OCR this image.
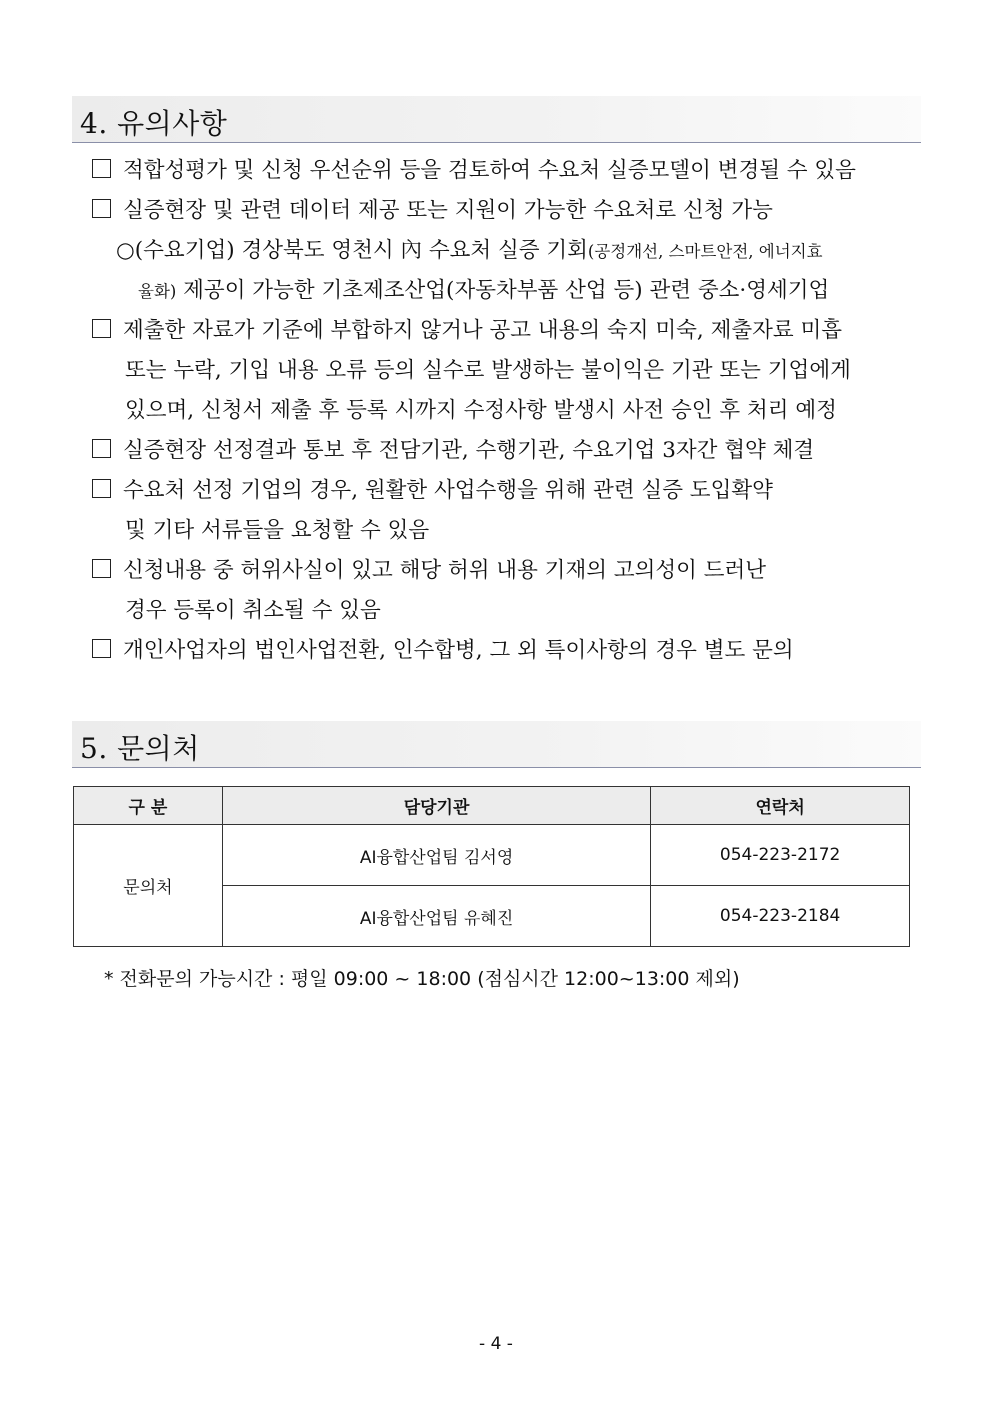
4. 유의사항
적합성평가 및 신청 우선순위 등을 검토하여 수요처 실증모델이 변경될 수 있음
실증현장 및 관련 데이터 제공 또는 지원이 가능한 수요처로 신청 가능
○(수요기업) 경상북도 영천시 內 수요처 실증 기회(공정개선, 스마트안전, 에너지효
율화) 제공이 가능한 기초제조산업(자동차부품 산업 등) 관련 중소·영세기업
제출한 자료가 기준에 부합하지 않거나 공고 내용의 숙지 미숙, 제출자료 미흡
또는 누락, 기입 내용 오류 등의 실수로 발생하는 불이익은 기관 또는 기업에게
있으며, 신청서 제출 후 등록 시까지 수정사항 발생시 사전 승인 후 처리 예정
실증현장 선정결과 통보 후 전담기관, 수행기관, 수요기업 3자간 협약 체결
수요처 선정 기업의 경우, 원활한 사업수행을 위해 관련 실증 도입확약
및 기타 서류들을 요청할 수 있음
신청내용 중 허위사실이 있고 해당 허위 내용 기재의 고의성이 드러난
경우 등록이 취소될 수 있음
개인사업자의 법인사업전환, 인수합병, 그 외 특이사항의 경우 별도 문의
5. 문의처
구 분	담당기관	연락처
문의처	AI융합산업팀 김서영	054-223-2172
	AI융합산업팀 유혜진	054-223-2184
* 전화문의 가능시간 : 평일 09:00 ~ 18:00 (점심시간 12:00~13:00 제외)
- 4 -
